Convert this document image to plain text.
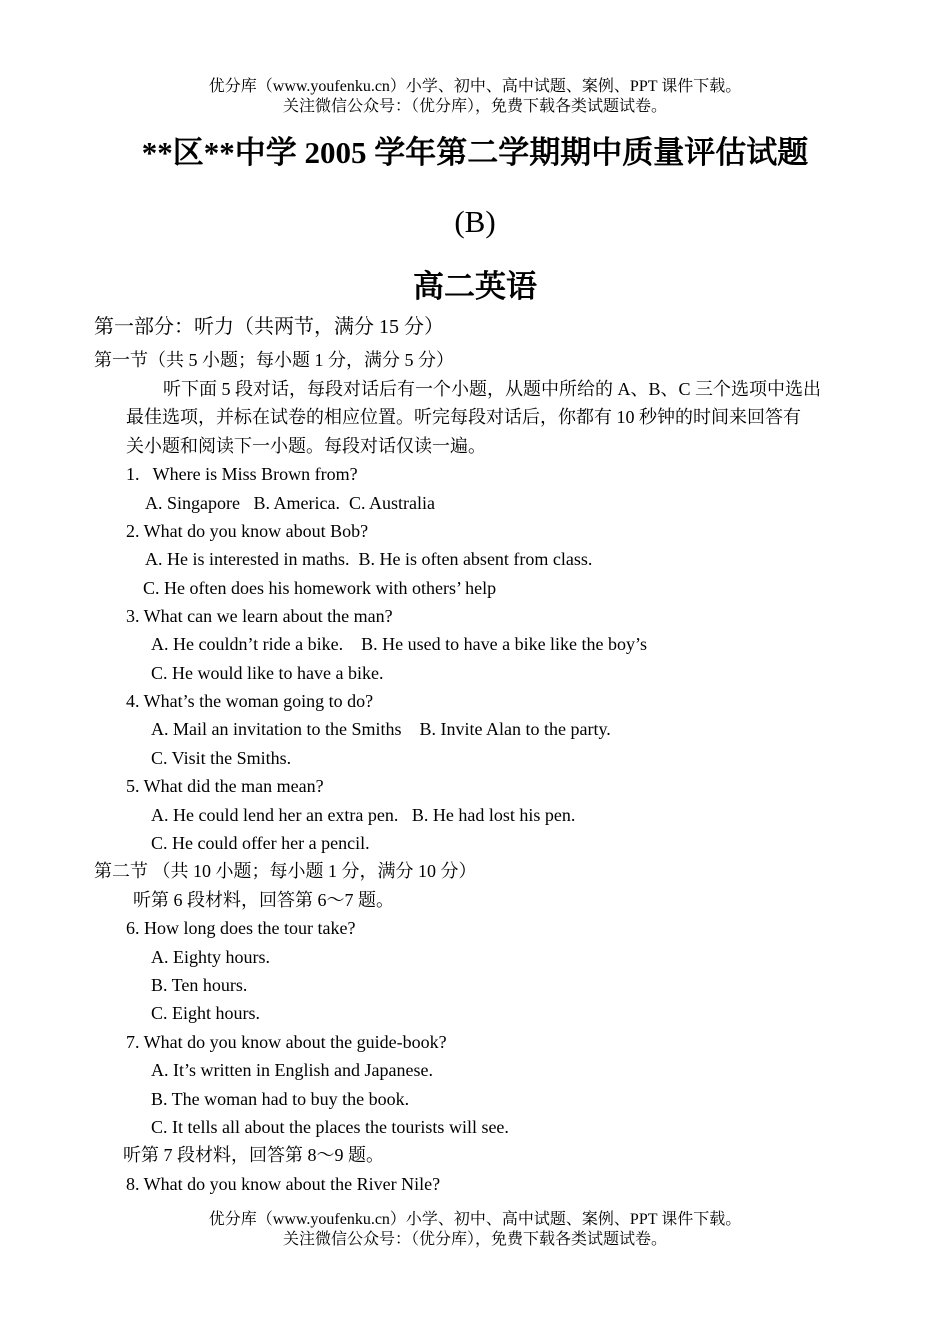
优分库（www.youfenku.cn）小学、初中、高中试题、案例、PPT 课件下载。
关注微信公众号：（优分库），免费下载各类试题试卷。
**区**中学 2005 学年第二学期期中质量评估试题
(B)
高二英语
第一部分：听力（共两节，满分 15 分）
第一节（共 5 小题；每小题 1 分，满分 5 分）
听下面 5 段对话，每段对话后有一个小题，从题中所给的 A、B、C 三个选项中选出
最佳选项，并标在试卷的相应位置。听完每段对话后，你都有 10 秒钟的时间来回答有
关小题和阅读下一小题。每段对话仅读一遍。
1.   Where is Miss Brown from?
A. Singapore   B. America.  C. Australia
2. What do you know about Bob?
A. He is interested in maths.  B. He is often absent from class.
C. He often does his homework with others’ help
3. What can we learn about the man?
A. He couldn’t ride a bike.    B. He used to have a bike like the boy’s
C. He would like to have a bike.
4. What’s the woman going to do?
A. Mail an invitation to the Smiths    B. Invite Alan to the party.
C. Visit the Smiths.
5. What did the man mean?
A. He could lend her an extra pen.   B. He had lost his pen.
C. He could offer her a pencil.
第二节 （共 10 小题；每小题 1 分，满分 10 分）
听第 6 段材料，回答第 6～7 题。
6. How long does the tour take?
A. Eighty hours.
B. Ten hours.
C. Eight hours.
7. What do you know about the guide-book?
A. It’s written in English and Japanese.
B. The woman had to buy the book.
C. It tells all about the places the tourists will see.
听第 7 段材料，回答第 8～9 题。
8. What do you know about the River Nile?
优分库（www.youfenku.cn）小学、初中、高中试题、案例、PPT 课件下载。
关注微信公众号：（优分库），免费下载各类试题试卷。
